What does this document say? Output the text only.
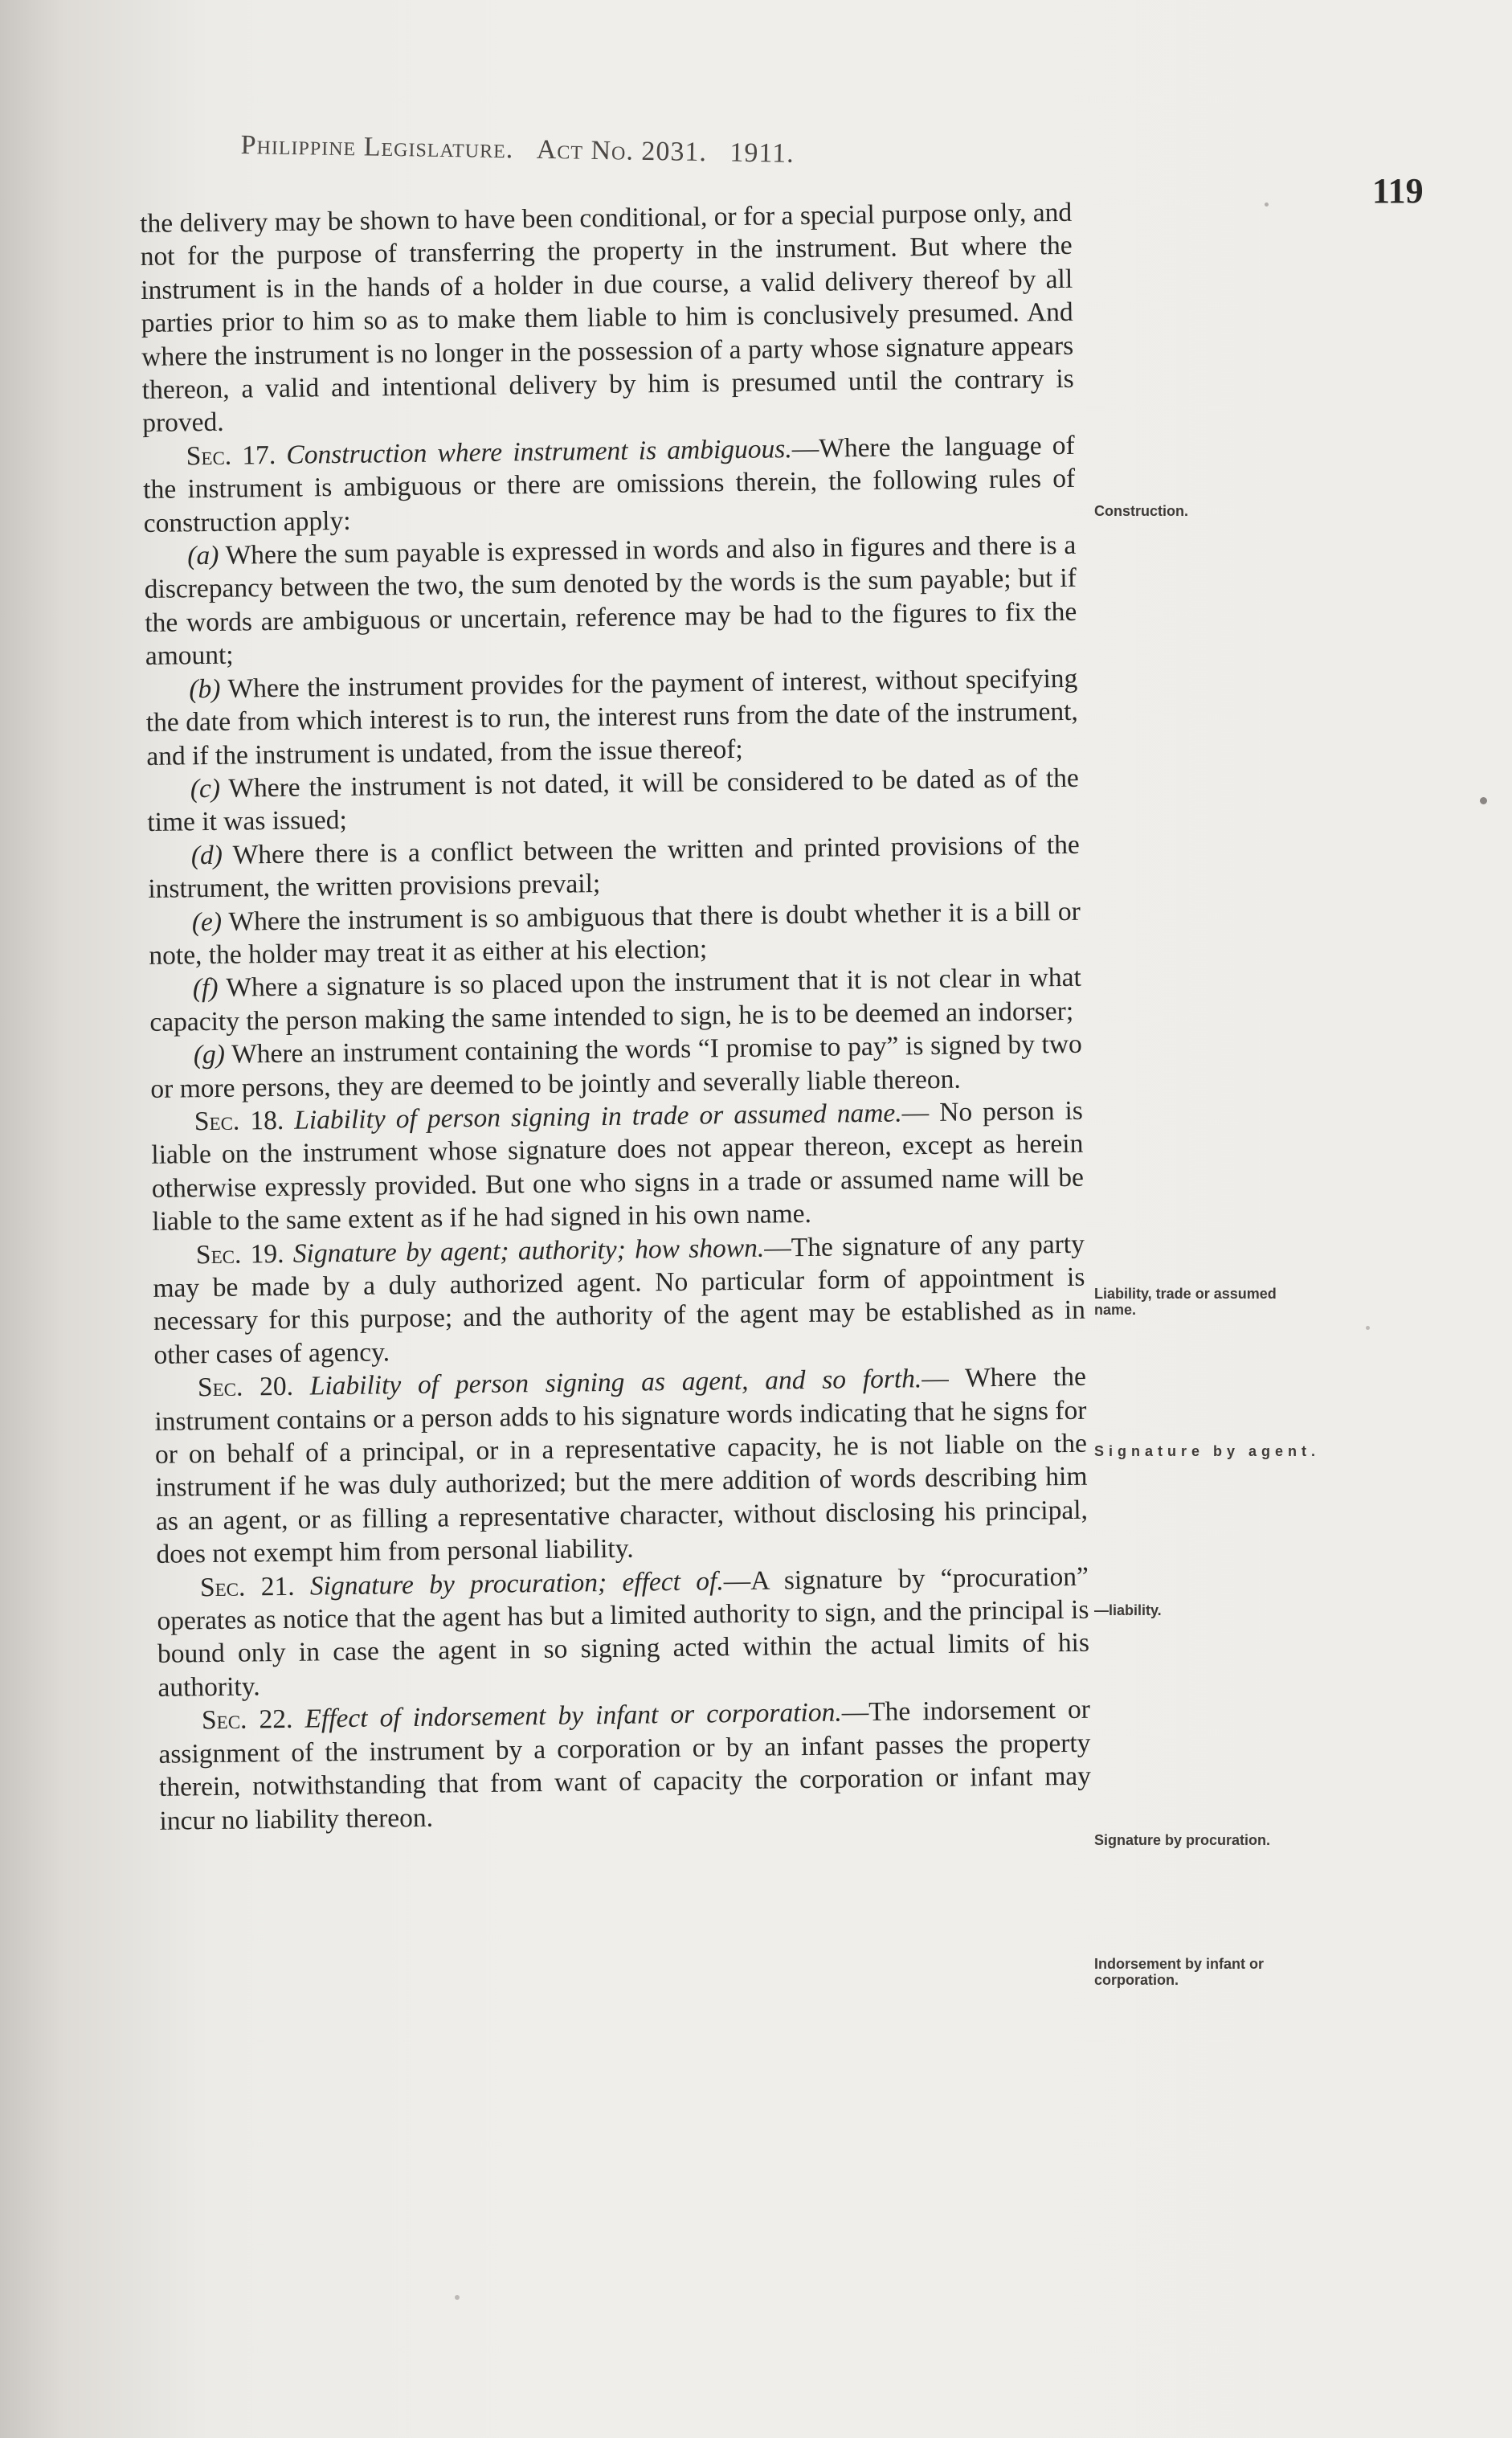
Philippine Legislature. Act No. 2031. 1911.
119

the delivery may be shown to have been conditional, or for a special purpose only, and not for the purpose of transferring the property in the instrument. But where the instrument is in the hands of a holder in due course, a valid delivery thereof by all parties prior to him so as to make them liable to him is conclusively presumed. And where the instrument is no longer in the possession of a party whose signature appears thereon, a valid and intentional delivery by him is presumed until the contrary is proved.

Sec. 17. Construction where instrument is ambiguous.—Where the language of the instrument is ambiguous or there are omissions therein, the following rules of construction apply:

(a) Where the sum payable is expressed in words and also in figures and there is a discrepancy between the two, the sum denoted by the words is the sum payable; but if the words are ambiguous or uncertain, reference may be had to the figures to fix the amount;

(b) Where the instrument provides for the payment of interest, without specifying the date from which interest is to run, the interest runs from the date of the instrument, and if the instrument is undated, from the issue thereof;

(c) Where the instrument is not dated, it will be considered to be dated as of the time it was issued;

(d) Where there is a conflict between the written and printed provisions of the instrument, the written provisions prevail;

(e) Where the instrument is so ambiguous that there is doubt whether it is a bill or note, the holder may treat it as either at his election;

(f) Where a signature is so placed upon the instrument that it is not clear in what capacity the person making the same intended to sign, he is to be deemed an indorser;

(g) Where an instrument containing the words “I promise to pay” is signed by two or more persons, they are deemed to be jointly and severally liable thereon.

Sec. 18. Liability of person signing in trade or assumed name.— No person is liable on the instrument whose signature does not appear thereon, except as herein otherwise expressly provided. But one who signs in a trade or assumed name will be liable to the same extent as if he had signed in his own name.

Sec. 19. Signature by agent; authority; how shown.—The signature of any party may be made by a duly authorized agent. No particular form of appointment is necessary for this purpose; and the authority of the agent may be established as in other cases of agency.

Sec. 20. Liability of person signing as agent, and so forth.— Where the instrument contains or a person adds to his signature words indicating that he signs for or on behalf of a principal, or in a representative capacity, he is not liable on the instrument if he was duly authorized; but the mere addition of words describing him as an agent, or as filling a representative character, without disclosing his principal, does not exempt him from personal liability.

Sec. 21. Signature by procuration; effect of.—A signature by “procuration” operates as notice that the agent has but a limited authority to sign, and the principal is bound only in case the agent in so signing acted within the actual limits of his authority.

Sec. 22. Effect of indorsement by infant or corporation.—The indorsement or assignment of the instrument by a corporation or by an infant passes the property therein, notwithstanding that from want of capacity the corporation or infant may incur no liability thereon.

Construction.
Liability, trade or assumed name.
Signature by agent.
—liability.
Signature by procuration.
Indorsement by infant or corporation.
